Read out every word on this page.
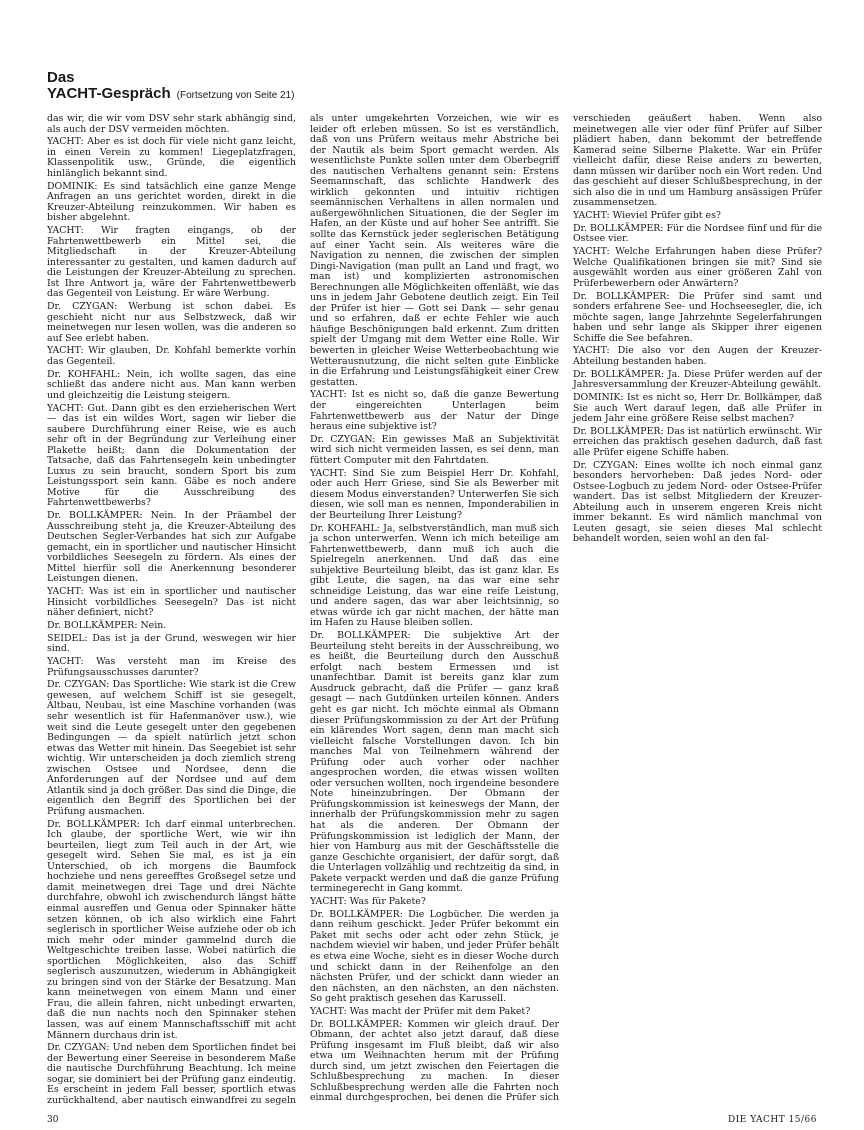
Das
YACHT-Gespräch (Fortsetzung von Seite 21)

das wir, die wir vom DSV sehr stark abhängig sind, als auch der DSV vermeiden möchten.

YACHT: Aber es ist doch für viele nicht ganz leicht, in einen Verein zu kommen! Liegeplatzfragen, Klassenpolitik usw., Gründe, die eigentlich hinlänglich bekannt sind.

DOMINIK: Es sind tatsächlich eine ganze Menge Anfragen an uns gerichtet worden, direkt in die Kreuzer-Abteilung reinzukommen. Wir haben es bisher abgelehnt.

YACHT: Wir fragten eingangs, ob der Fahrtenwettbewerb ein Mittel sei, die Mitgliedschaft in der Kreuzer-Abteilung interessanter zu gestalten, und kamen dadurch auf die Leistungen der Kreuzer-Abteilung zu sprechen. Ist Ihre Antwort ja, wäre der Fahrtenwettbewerb das Gegenteil von Leistung. Er wäre Werbung.

Dr. CZYGAN: Werbung ist schon dabei. Es geschieht nicht nur aus Selbstzweck, daß wir meinetwegen nur lesen wollen, was die anderen so auf See erlebt haben.

YACHT: Wir glauben, Dr. Kohfahl bemerkte vorhin das Gegenteil.

Dr. KOHFAHL: Nein, ich wollte sagen, das eine schließt das andere nicht aus. Man kann werben und gleichzeitig die Leistung steigern.

YACHT: Gut. Dann gibt es den erzieherischen Wert — das ist ein wildes Wort, sagen wir lieber die saubere Durchführung einer Reise, wie es auch sehr oft in der Begründung zur Verleihung einer Plakette heißt; dann die Dokumentation der Tatsache, daß das Fahrtensegeln kein unbedingter Luxus zu sein braucht, sondern Sport bis zum Leistungssport sein kann. Gäbe es noch andere Motive für die Ausschreibung des Fahrtenwettbewerbs?

Dr. BOLLKÄMPER: Nein. In der Präambel der Ausschreibung steht ja, die Kreuzer-Abteilung des Deutschen Segler-Verbandes hat sich zur Aufgabe gemacht, ein in sportlicher und nautischer Hinsicht vorbildliches Seesegeln zu fördern. Als eines der Mittel hierfür soll die Anerkennung besonderer Leistungen dienen.

YACHT: Was ist ein in sportlicher und nautischer Hinsicht vorbildliches Seesegeln? Das ist nicht näher definiert, nicht?

Dr. BOLLKÄMPER: Nein.

SEIDEL: Das ist ja der Grund, weswegen wir hier sind.

YACHT: Was versteht man im Kreise des Prüfungsausschusses darunter?

Dr. CZYGAN: Das Sportliche: Wie stark ist die Crew gewesen, auf welchem Schiff ist sie gesegelt, Altbau, Neubau, ist eine Maschine vorhanden (was sehr wesentlich ist für Hafenmanöver usw.), wie weit sind die Leute gesegelt unter den gegebenen Bedingungen — da spielt natürlich jetzt schon etwas das Wetter mit hinein. Das Seegebiet ist sehr wichtig. Wir unterscheiden ja doch ziemlich streng zwischen Ostsee und Nordsee, denn die Anforderungen auf der Nordsee und auf dem Atlantik sind ja doch größer. Das sind die Dinge, die eigentlich den Begriff des Sportlichen bei der Prüfung ausmachen.

Dr. BOLLKÄMPER: Ich darf einmal unterbrechen. Ich glaube, der sportliche Wert, wie wir ihn beurteilen, liegt zum Teil auch in der Art, wie gesegelt wird. Sehen Sie mal, es ist ja ein Unterschied, ob ich morgens die Baumfock hochziehe und nens gereefftes Großsegel setze und damit meinetwegen drei Tage und drei Nächte durchfahre, obwohl ich zwischendurch längst hätte einmal ausreffen und Genua oder Spinnaker hätte setzen können, ob ich also wirklich eine Fahrt seglerisch in sportlicher Weise aufziehe oder ob ich mich mehr oder minder gammelnd durch die Weltgeschichte treiben lasse. Wobei natürlich die sportlichen Möglichkeiten, also das Schiff seglerisch auszunutzen, wiederum in Abhängigkeit zu bringen sind von der Stärke der Besatzung. Man kann meinetwegen von einem Mann und einer Frau, die allein fahren, nicht unbedingt erwarten, daß die nun nachts noch den Spinnaker stehen lassen, was auf einem Mannschaftsschiff mit acht Männern durchaus drin ist.

Dr. CZYGAN: Und neben dem Sportlichen findet bei der Bewertung einer Seereise in besonderem Maße die nautische Durchführung Beachtung. Ich meine sogar, sie dominiert bei der Prüfung ganz eindeutig. Es erscheint in jedem Fall besser, sportlich etwas zurückhaltend, aber nautisch einwandfrei zu segeln als unter umgekehrten Vorzeichen, wie wir es leider oft erleben müssen. So ist es verständlich, daß von uns Prüfern weitaus mehr Abstriche bei der Nautik als beim Sport gemacht werden. Als wesentlichste Punkte sollen unter dem Oberbegriff des nautischen Verhaltens genannt sein: Erstens Seemannschaft, das schlichte Handwerk des wirklich gekonnten und intuitiv richtigen seemännischen Verhaltens in allen normalen und außergewöhnlichen Situationen, die der Segler im Hafen, an der Küste und auf hoher See antrifft. Sie sollte das Kernstück jeder seglerischen Betätigung auf einer Yacht sein. Als weiteres wäre die Navigation zu nennen, die zwischen der simplen Dingi-Navigation (man pullt an Land und fragt, wo man ist) und komplizierten astronomischen Berechnungen alle Möglichkeiten offenläßt, wie das uns in jedem Jahr Gebotene deutlich zeigt. Ein Teil der Prüfer ist hier — Gott sei Dank — sehr genau und so erfahren, daß er echte Fehler wie auch häufige Beschönigungen bald erkennt. Zum dritten spielt der Umgang mit dem Wetter eine Rolle. Wir bewerten in gleicher Weise Wetterbeobachtung wie Wetterausnutzung, die nicht selten gute Einblicke in die Erfahrung und Leistungsfähigkeit einer Crew gestatten.

YACHT: Ist es nicht so, daß die ganze Bewertung der eingereichten Unterlagen beim Fahrtenwettbewerb aus der Natur der Dinge heraus eine subjektive ist?

Dr. CZYGAN: Ein gewisses Maß an Subjektivität wird sich nicht vermeiden lassen, es sei denn, man füttert Computer mit den Fahrtdaten.

YACHT: Sind Sie zum Beispiel Herr Dr. Kohfahl, oder auch Herr Griese, sind Sie als Bewerber mit diesem Modus einverstanden? Unterwerfen Sie sich diesen, wie soll man es nennen, Imponderabilien in der Beurteilung Ihrer Leistung?

Dr. KOHFAHL: Ja, selbstverständlich, man muß sich ja schon unterwerfen. Wenn ich mich beteilige am Fahrtenwettbewerb, dann muß ich auch die Spielregeln anerkennen. Und daß das eine subjektive Beurteilung bleibt, das ist ganz klar. Es gibt Leute, die sagen, na das war eine sehr schneidige Leistung, das war eine reife Leistung, und andere sagen, das war aber leichtsinnig, so etwas würde ich gar nicht machen, der hätte man im Hafen zu Hause bleiben sollen.

Dr. BOLLKÄMPER: Die subjektive Art der Beurteilung steht bereits in der Ausschreibung, wo es heißt, die Beurteilung durch den Ausschuß erfolgt nach bestem Ermessen und ist unanfechtbar. Damit ist bereits ganz klar zum Ausdruck gebracht, daß die Prüfer — ganz kraß gesagt — nach Gutdünken urteilen können. Anders geht es gar nicht. Ich möchte einmal als Obmann dieser Prüfungskommission zu der Art der Prüfung ein klärendes Wort sagen, denn man macht sich vielleicht falsche Vorstellungen davon. Ich bin manches Mal von Teilnehmern während der Prüfung oder auch vorher oder nachher angesprochen worden, die etwas wissen wollten oder versuchen wollten, noch irgendeine besondere Note hineinzubringen. Der Obmann der Prüfungskommission ist keineswegs der Mann, der innerhalb der Prüfungskommission mehr zu sagen hat als die anderen. Der Obmann der Prüfungskommission ist lediglich der Mann, der hier von Hamburg aus mit der Geschäftsstelle die ganze Geschichte organisiert, der dafür sorgt, daß die Unterlagen vollzählig und rechtzeitig da sind, in Pakete verpackt werden und daß die ganze Prüfung terminegerecht in Gang kommt.

YACHT: Was für Pakete?

Dr. BOLLKÄMPER: Die Logbücher. Die werden ja dann reihum geschickt. Jeder Prüfer bekommt ein Paket mit sechs oder acht oder zehn Stück, je nachdem wieviel wir haben, und jeder Prüfer behält es etwa eine Woche, sieht es in dieser Woche durch und schickt dann in der Reihenfolge an den nächsten Prüfer, und der schickt dann wieder an den nächsten, an den nächsten, an den nächsten. So geht praktisch gesehen das Karussell.

YACHT: Was macht der Prüfer mit dem Paket?

Dr. BOLLKÄMPER: Kommen wir gleich drauf. Der Obmann, der achtet also jetzt darauf, daß diese Prüfung insgesamt im Fluß bleibt, daß wir also etwa um Weihnachten herum mit der Prüfung durch sind, um jetzt zwischen den Feiertagen die Schlußbesprechung zu machen. In dieser Schlußbesprechung werden alle die Fahrten noch einmal durchgesprochen, bei denen die Prüfer sich verschieden geäußert haben. Wenn also meinetwegen alle vier oder fünf Prüfer auf Silber plädiert haben, dann bekommt der betreffende Kamerad seine Silberne Plakette. War ein Prüfer vielleicht dafür, diese Reise anders zu bewerten, dann müssen wir darüber noch ein Wort reden. Und das geschieht auf dieser Schlußbesprechung, in der sich also die in und um Hamburg ansässigen Prüfer zusammensetzen.

YACHT: Wieviel Prüfer gibt es?

Dr. BOLLKÄMPER: Für die Nordsee fünf und für die Ostsee vier.

YACHT: Welche Erfahrungen haben diese Prüfer? Welche Qualifikationen bringen sie mit? Sind sie ausgewählt worden aus einer größeren Zahl von Prüferbewerbern oder Anwärtern?

Dr. BOLLKÄMPER: Die Prüfer sind samt und sonders erfahrene See- und Hochseesegler, die, ich möchte sagen, lange Jahrzehnte Segelerfahrungen haben und sehr lange als Skipper ihrer eigenen Schiffe die See befahren.

YACHT: Die also vor den Augen der Kreuzer-Abteilung bestanden haben.

Dr. BOLLKÄMPER: Ja. Diese Prüfer werden auf der Jahresversammlung der Kreuzer-Abteilung gewählt.

DOMINIK: Ist es nicht so, Herr Dr. Bollkämper, daß Sie auch Wert darauf legen, daß alle Prüfer in jedem Jahr eine größere Reise selbst machen?

Dr. BOLLKÄMPER: Das ist natürlich erwünscht. Wir erreichen das praktisch gesehen dadurch, daß fast alle Prüfer eigene Schiffe haben.

Dr. CZYGAN: Eines wollte ich noch einmal ganz besonders hervorheben: Daß jedes Nord- oder Ostsee-Logbuch zu jedem Nord- oder Ostsee-Prüfer wandert. Das ist selbst Mitgliedern der Kreuzer-Abteilung auch in unserem engeren Kreis nicht immer bekannt. Es wird nämlich manchmal von Leuten gesagt, sie seien dieses Mal schlecht behandelt worden, seien wohl an den fal-

30	DIE YACHT 15/66
